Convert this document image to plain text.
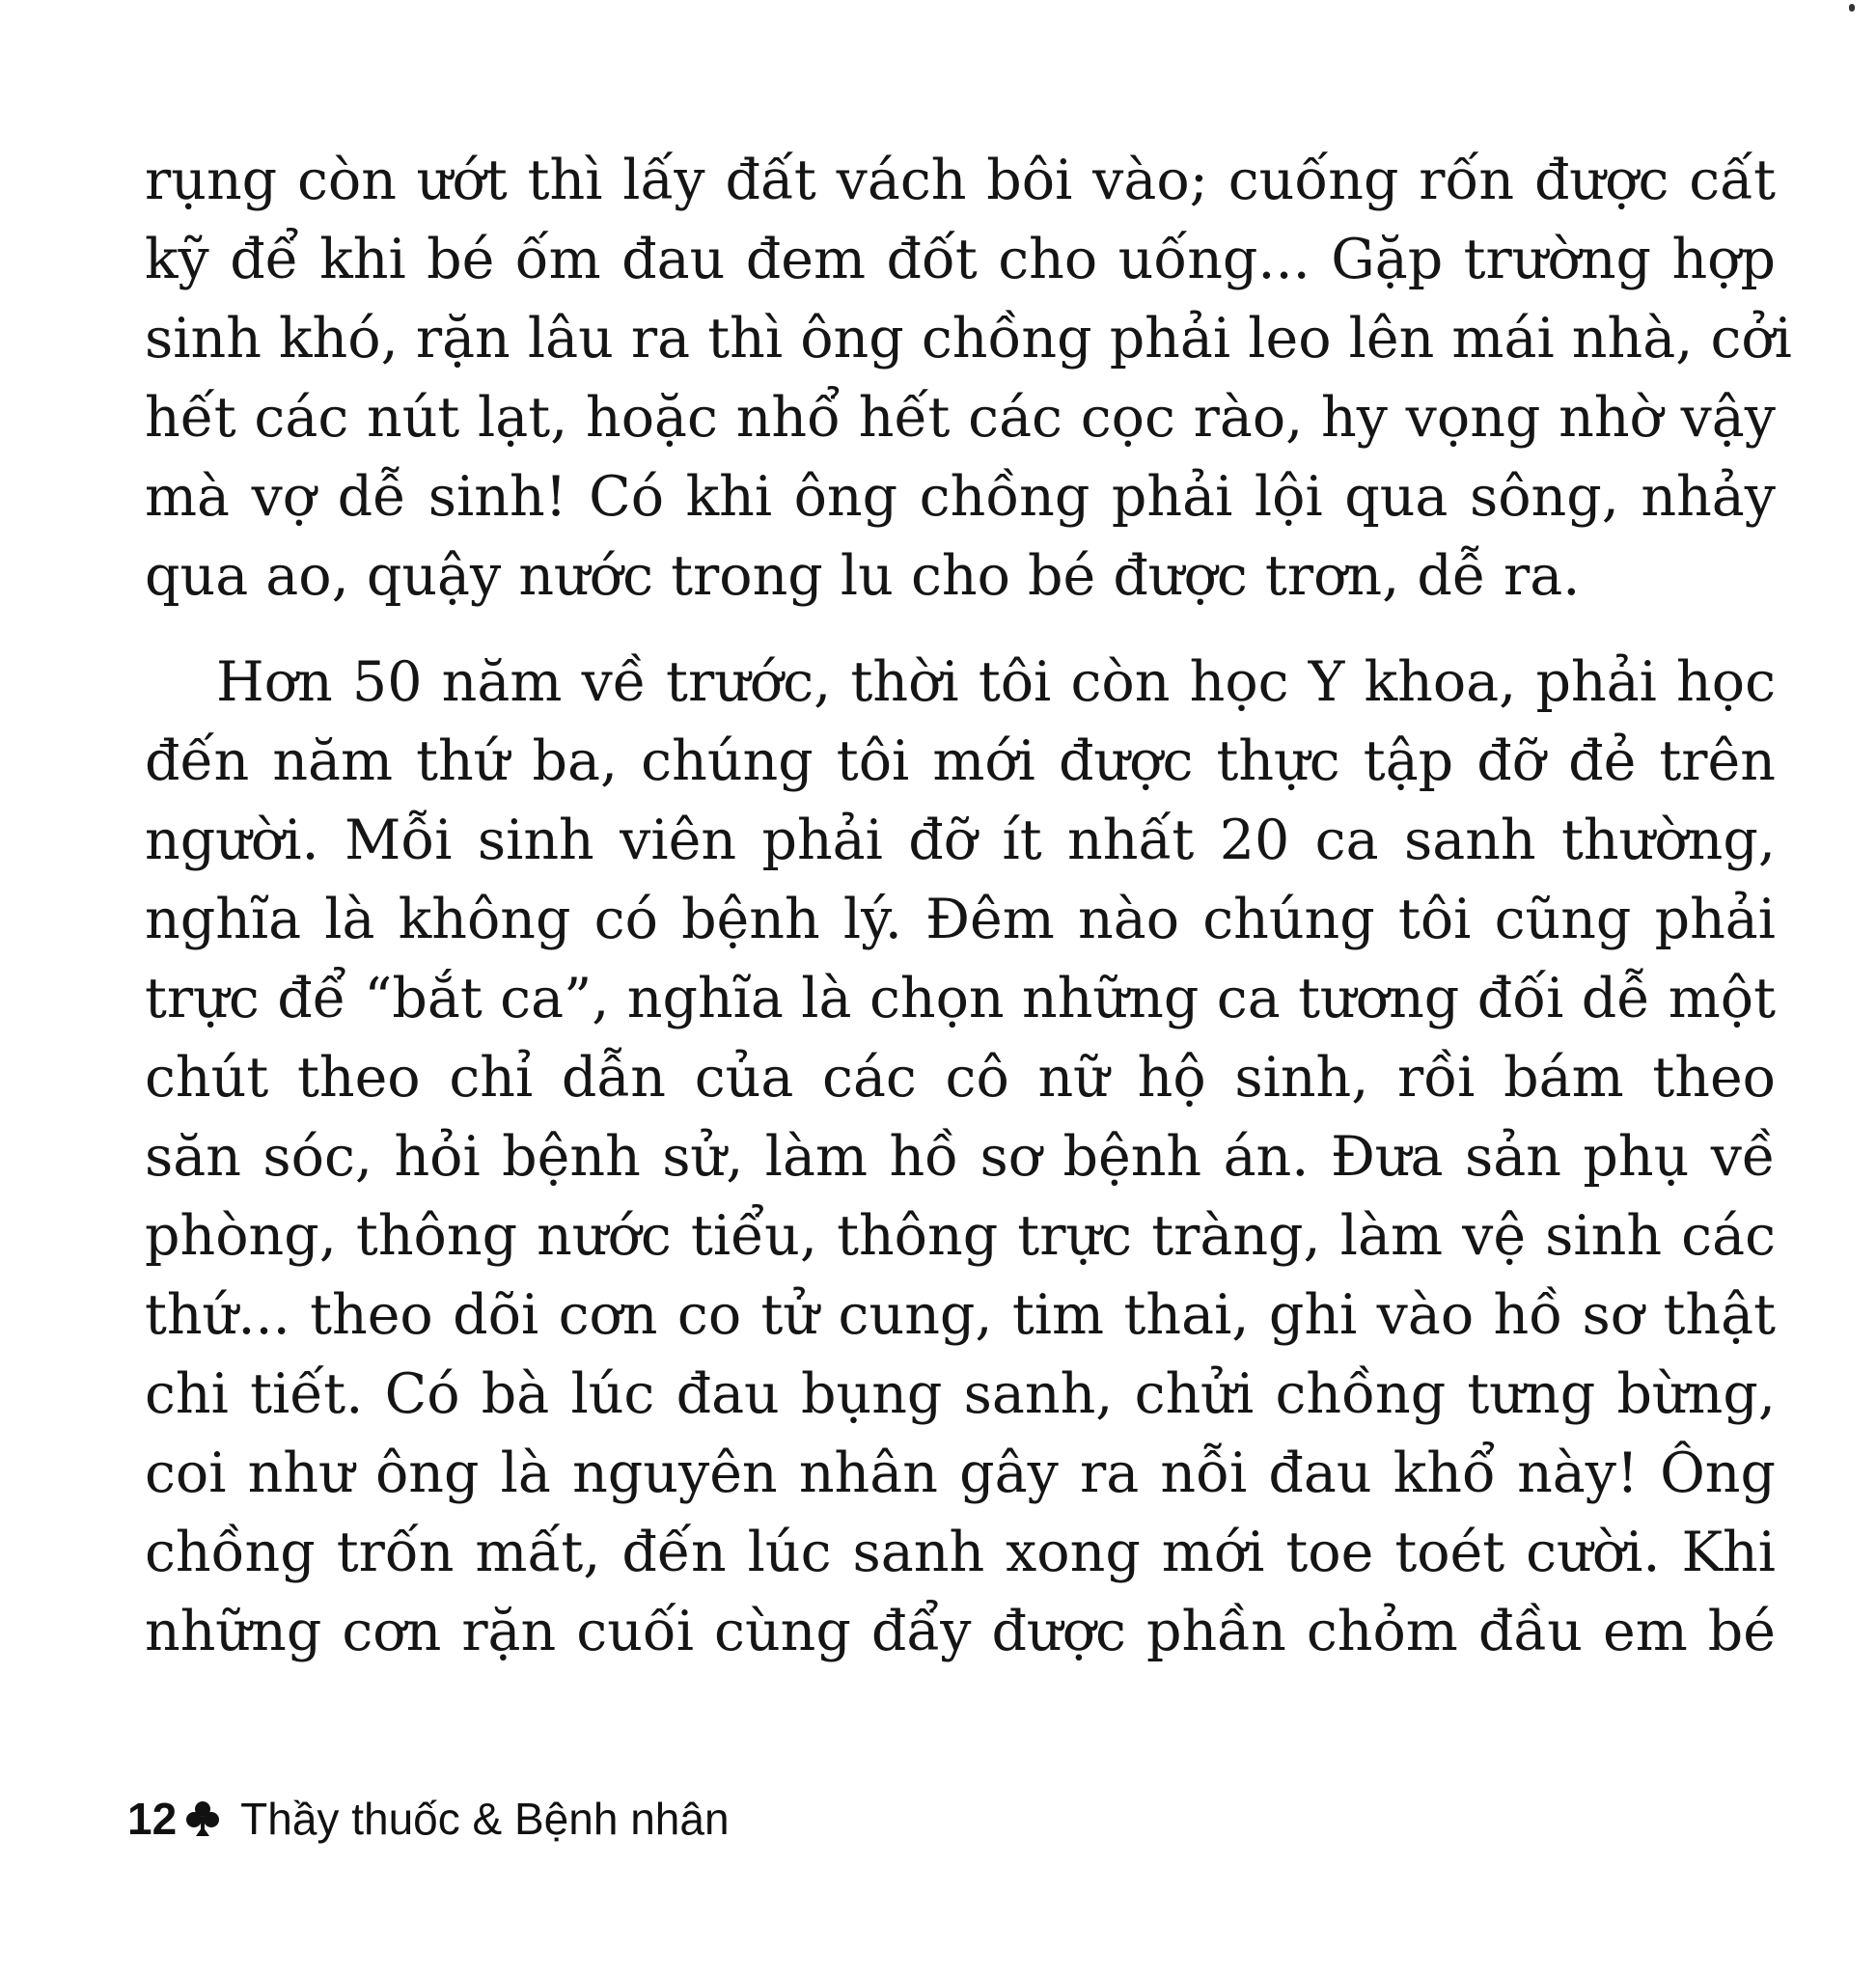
rụng còn ướt thì lấy đất vách bôi vào; cuống rốn được cất
kỹ để khi bé ốm đau đem đốt cho uống... Gặp trường hợp
sinh khó, rặn lâu ra thì ông chồng phải leo lên mái nhà, cởi
hết các nút lạt, hoặc nhổ hết các cọc rào, hy vọng nhờ vậy
mà vợ dễ sinh! Có khi ông chồng phải lội qua sông, nhảy
qua ao, quậy nước trong lu cho bé được trơn, dễ ra.
Hơn 50 năm về trước, thời tôi còn học Y khoa, phải học
đến năm thứ ba, chúng tôi mới được thực tập đỡ đẻ trên
người. Mỗi sinh viên phải đỡ ít nhất 20 ca sanh thường,
nghĩa là không có bệnh lý. Đêm nào chúng tôi cũng phải
trực để “bắt ca”, nghĩa là chọn những ca tương đối dễ một
chút theo chỉ dẫn của các cô nữ hộ sinh, rồi bám theo
săn sóc, hỏi bệnh sử, làm hồ sơ bệnh án. Đưa sản phụ về
phòng, thông nước tiểu, thông trực tràng, làm vệ sinh các
thứ... theo dõi cơn co tử cung, tim thai, ghi vào hồ sơ thật
chi tiết. Có bà lúc đau bụng sanh, chửi chồng tưng bừng,
coi như ông là nguyên nhân gây ra nỗi đau khổ này! Ông
chồng trốn mất, đến lúc sanh xong mới toe toét cười. Khi
những cơn rặn cuối cùng đẩy được phần chỏm đầu em bé
12 Thầy thuốc & Bệnh nhân
